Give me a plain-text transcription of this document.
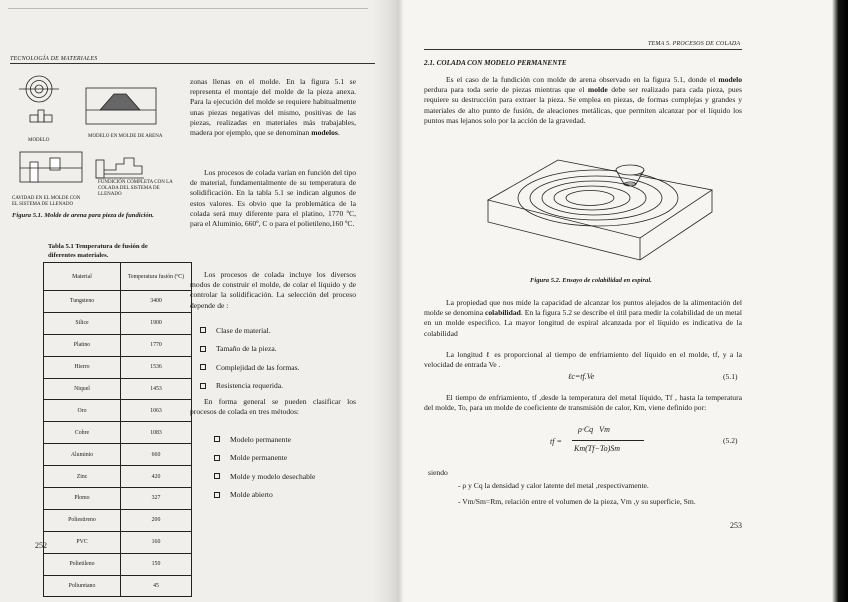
TECNOLOGÍA DE MATERIALES
MODELO
MODELO EN MOLDE DE ARENA
CAVIDAD EN EL MOLDE CON EL SISTEMA DE LLENADO
FUNDICIÓN COMPLETA CON LA COLADA DEL SISTEMA DE LLENADO
Figura 5.1. Molde de arena para pieza de fundición.
Tabla 5.1 Temperatura de fusión de diferentes materiales.
Material	Temperatura fusión (ºC)
Tungsteno	3400
Silice	1900
Platino	1770
Hierro	1536
Niquel	1453
Oro	1063
Cobre	1083
Aluminio	660
Zinc	420
Plomo	327
Poliestireno	200
PVC	160
Polietileno	150
Poliuretano	45

zonas llenas en el molde. En la figura 5.1 se representa el montaje del molde de la pieza anexa. Para la ejecución del molde se requiere habitualmente unas piezas negativas del mismo, positivas de las piezas, realizadas en materiales más trabajables, madera por ejemplo, que se denominan modelos.

Los procesos de colada varían en función del tipo de material, fundamentalmente de su temperatura de solidificación. En la tabla 5.1 se indican algunos de estos valores. Es obvio que la problemática de la colada será muy diferente para el platino, 1770 ºC, para el Aluminio, 660º, C o para el polietileno,160 ºC.
Los procesos de colada incluye los diversos modos de construir el molde, de colar el líquido y de controlar la solidificación. La selección del proceso depende de :
Clase de material.
Tamaño de la pieza.
Complejidad de las formas.
Resistencia requerida.
En forma general se pueden clasificar los procesos de colada en tres métodos:
Modelo permanente
Molde permanente
Molde y modelo desechable
Molde abierto
252
TEMA 5. PROCESOS DE COLADA
2.1. COLADA CON MODELO PERMANENTE

Es el caso de la fundición con molde de arena observado en la figura 5.1, donde el modelo perdura para toda serie de piezas mientras que el molde debe ser realizado para cada pieza, pues requiere su destrucción para extraer la pieza. Se emplea en piezas, de formas complejas y grandes y materiales de alto punto de fusión, de aleaciones metálicas, que permiten alcanzar por el líquido los puntos mas lejanos solo por la acción de la gravedad.

Figura 5.2. Ensayo de colabilidad en espiral.

La propiedad que nos mide la capacidad de alcanzar los puntos alejados de la alimentación del molde se denomina colabilidad. En la figura 5.2 se describe el útil para medir la colabilidad de un metal en un molde especifico. La mayor longitud de espiral alcanzada por el líquido es indicativa de la colabilidad

La longitud ℓ es proporcional al tiempo de enfriamiento del líquido en el molde, tf, y a la velocidad de entrada Ve .
ℓc=tf.Ve	(5.1)
El tiempo de enfriamiento, tf ,desde la temperatura del metal líquido, Tf , hasta la temperatura del molde, To, para un molde de coeficiente de transmisión de calor, Km, viene definido por:
tf =
ρ·Cq   Vm
Km(Tf−To)Sm
(5.2)
siendo
- ρ y Cq la densidad y calor latente del metal ,respectivamente.
- Vm/Sm=Rm, relación entre el volumen de la pieza, Vm ,y su superficie, Sm.
253
